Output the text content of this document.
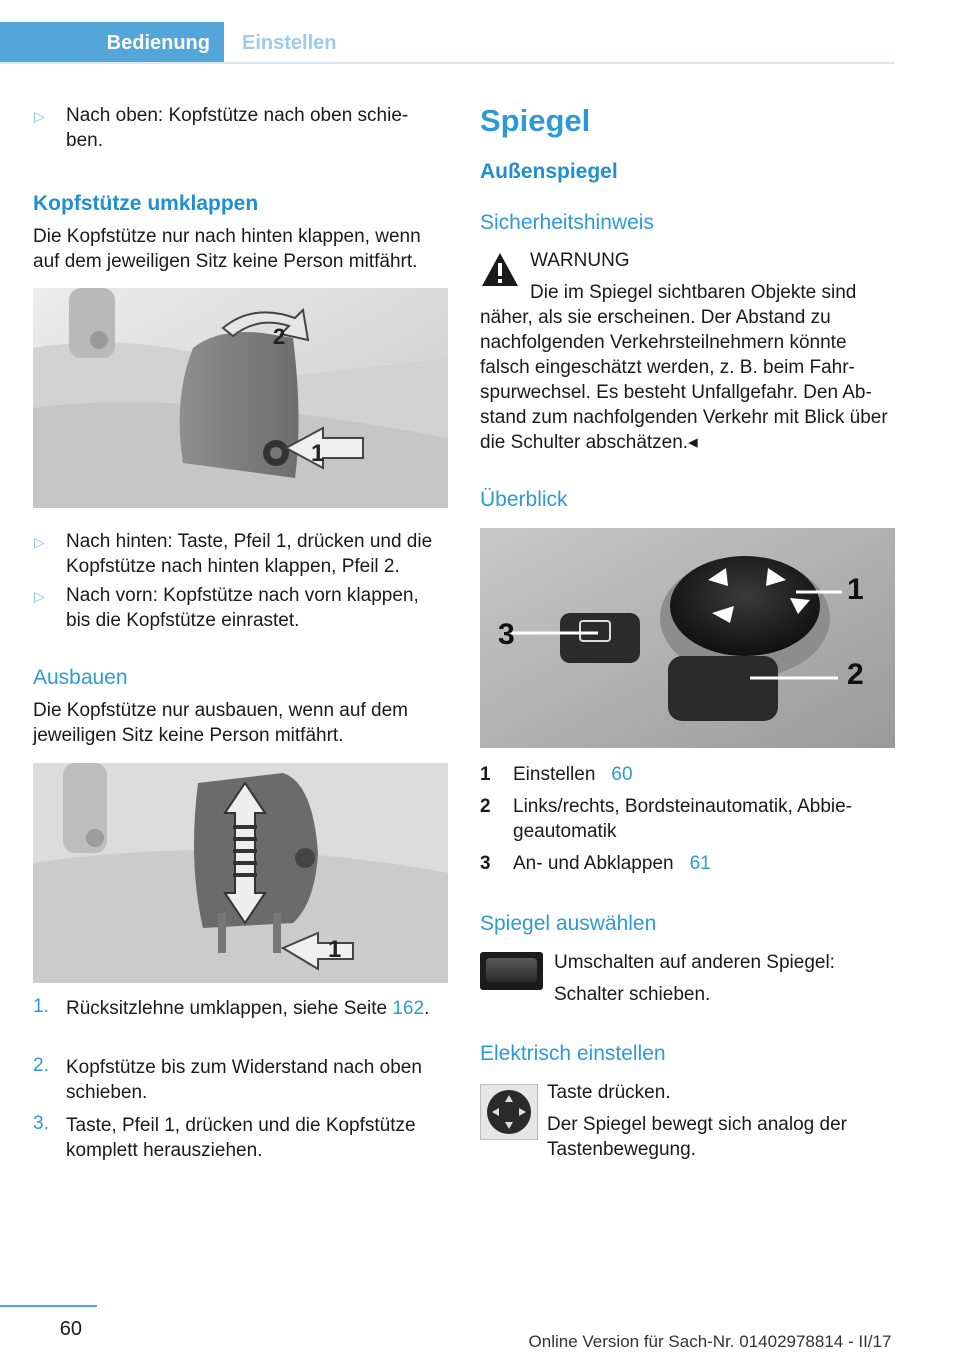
Bedienung	Einstellen
▷ Nach oben: Kopfstütze nach oben schie-
ben.
Kopfstütze umklappen
Die Kopfstütze nur nach hinten klappen, wenn auf dem jeweiligen Sitz keine Person mitfährt.
2
1
▷ Nach hinten: Taste, Pfeil 1, drücken und die Kopfstütze nach hinten klappen, Pfeil 2.
▷ Nach vorn: Kopfstütze nach vorn klappen, bis die Kopfstütze einrastet.
Ausbauen
Die Kopfstütze nur ausbauen, wenn auf dem jeweiligen Sitz keine Person mitfährt.
1
1. Rücksitzlehne umklappen, siehe Seite 162.
2. Kopfstütze bis zum Widerstand nach oben schieben.
3. Taste, Pfeil 1, drücken und die Kopfstütze komplett herausziehen.
Spiegel
Außenspiegel
Sicherheitshinweis
WARNUNG
Die im Spiegel sichtbaren Objekte sind
näher, als sie erscheinen. Der Abstand zu nachfolgenden Verkehrsteilnehmern könnte falsch eingeschätzt werden, z. B. beim Fahr-spurwechsel. Es besteht Unfallgefahr. Den Ab-stand zum nachfolgenden Verkehr mit Blick über die Schulter abschätzen.◂
Überblick
1
2
3
1 Einstellen 60
2 Links/rechts, Bordsteinautomatik, Abbie-geautomatik
3 An- und Abklappen 61
Spiegel auswählen
Umschalten auf anderen Spiegel:
Schalter schieben.
Elektrisch einstellen
Taste drücken.
Der Spiegel bewegt sich analog der Tastenbewegung.
60
Online Version für Sach-Nr. 01402978814 - II/17
